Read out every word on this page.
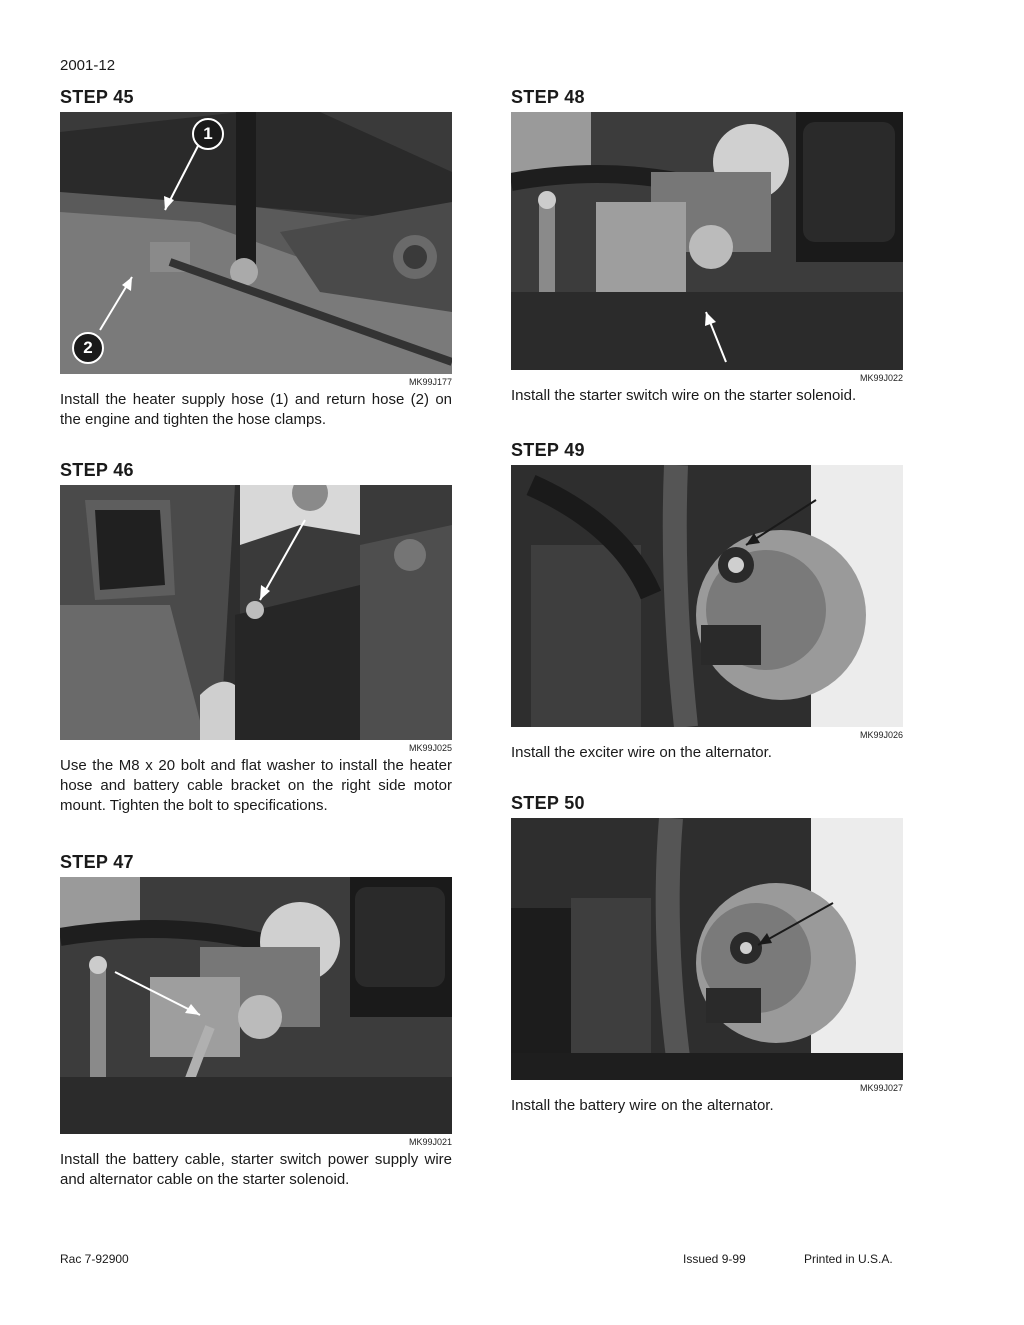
2001-12
STEP 45
1
2
MK99J177

Install the heater supply hose (1) and return hose (2) on the engine and tighten the hose clamps.

STEP 46
MK99J025

Use the M8 x 20 bolt and flat washer to install the heater hose and battery cable bracket on the right side motor mount. Tighten the bolt to specifications.

STEP 47
MK99J021

Install the battery cable, starter switch power supply wire and alternator cable on the starter solenoid.

STEP 48
MK99J022

Install the starter switch wire on the starter solenoid.

STEP 49
MK99J026

Install the exciter wire on the alternator.

STEP 50
MK99J027

Install the battery wire on the alternator.

Rac 7-92900	Issued 9-99	Printed in U.S.A.
